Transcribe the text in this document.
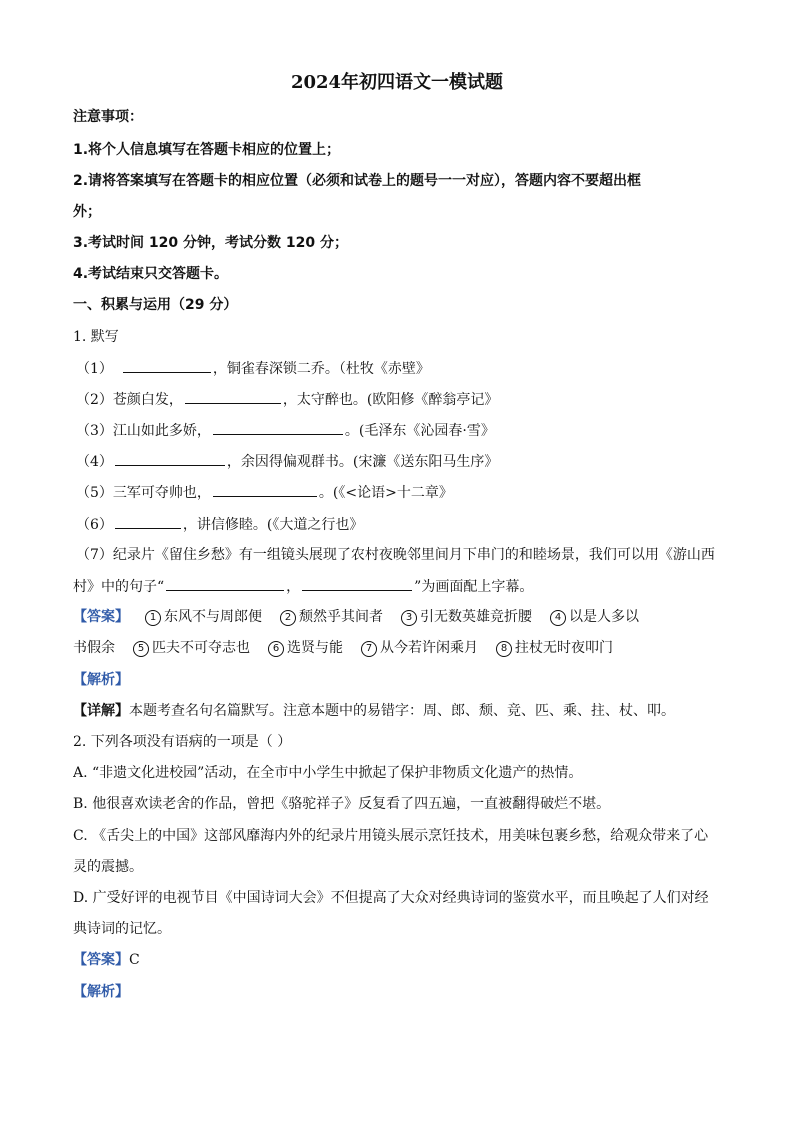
2024年初四语文一模试题
注意事项：
1.将个人信息填写在答题卡相应的位置上；
2.请将答案填写在答题卡的相应位置（必须和试卷上的题号一一对应），答题内容不要超出框
外；
3.考试时间 120 分钟，考试分数 120 分；
4.考试结束只交答题卡。
一、积累与运用（29 分）
1. 默写
（1）	，铜雀春深锁二乔。（杜牧《赤壁》
（2）苍颜白发，	，太守醉也。(欧阳修《醉翁亭记》
（3）江山如此多娇，	。(毛泽东《沁园春·雪》
（4）	，余因得偏观群书。(宋濂《送东阳马生序》
（5）三军可夺帅也，	。(《<论语>十二章》
（6）	，讲信修睦。(《大道之行也》
（7）纪录片《留住乡愁》有一组镜头展现了农村夜晚邻里间月下串门的和睦场景，我们可以用《游山西
村》中的句子“	，	”为画面配上字幕。
【答案】 1 东风不与周郎便 2 颓然乎其间者 3 引无数英雄竞折腰 4 以是人多以
书假余 5 匹夫不可夺志也 6 选贤与能 7 从今若许闲乘月 8 拄杖无时夜叩门
【解析】
【详解】本题考查名句名篇默写。注意本题中的易错字：周、郎、颓、竞、匹、乘、拄、杖、叩。
2. 下列各项没有语病的一项是（ ）
A. “非遗文化进校园”活动，在全市中小学生中掀起了保护非物质文化遗产的热情。
B. 他很喜欢读老舍的作品，曾把《骆驼祥子》反复看了四五遍，一直被翻得破烂不堪。
C. 《舌尖上的中国》这部风靡海内外的纪录片用镜头展示烹饪技术，用美味包裹乡愁，给观众带来了心
灵的震撼。
D. 广受好评的电视节目《中国诗词大会》不但提高了大众对经典诗词的鉴赏水平，而且唤起了人们对经
典诗词的记忆。
【答案】C
【解析】
